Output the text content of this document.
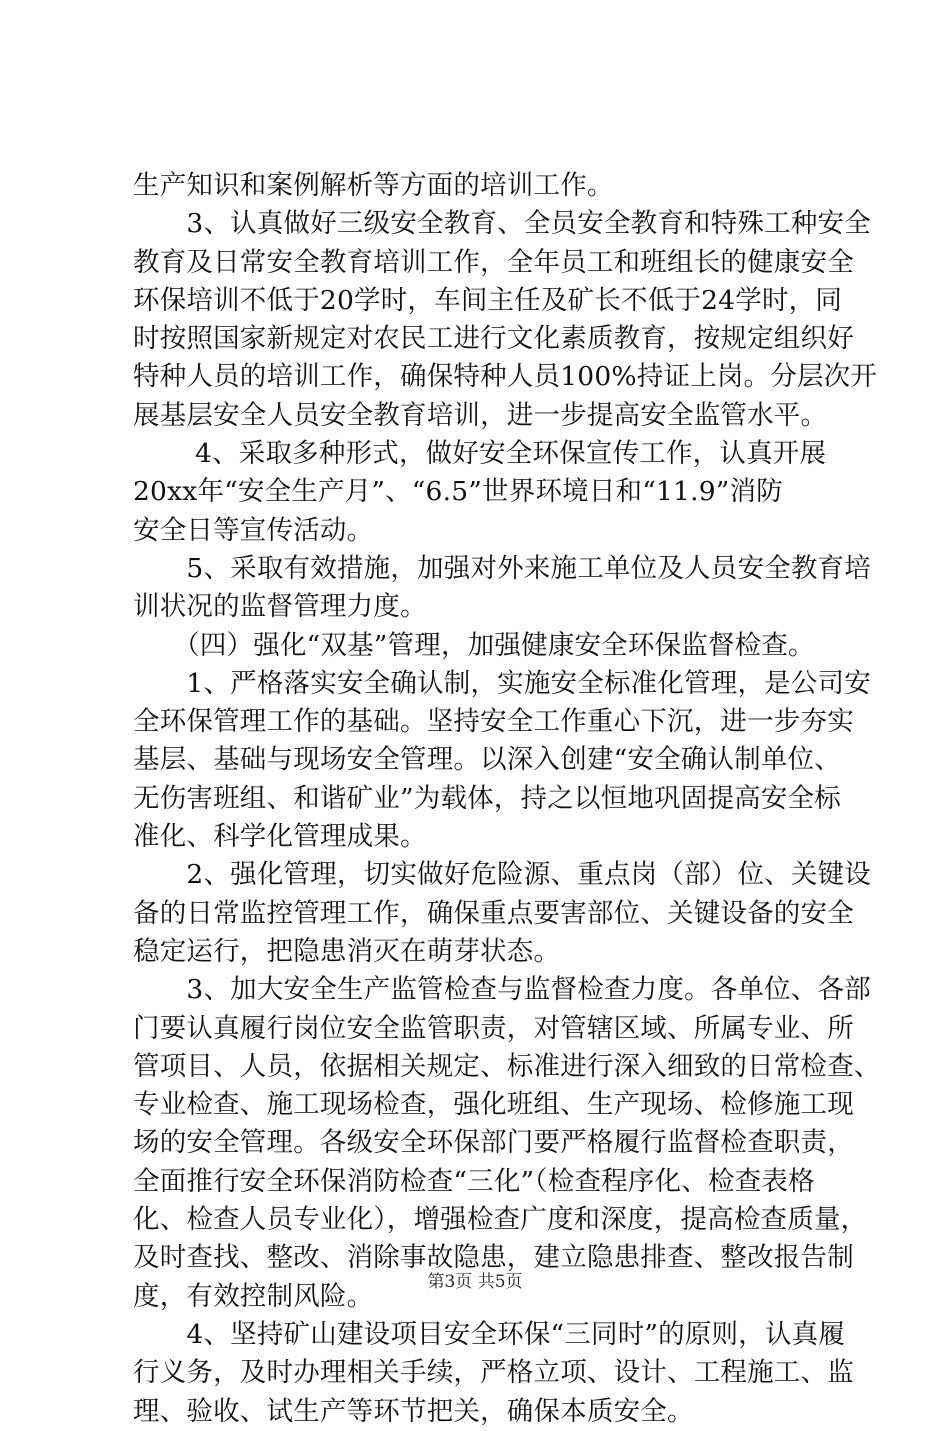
生产知识和案例解析等方面的培训工作。
　　3、认真做好三级安全教育、全员安全教育和特殊工种安全
教育及日常安全教育培训工作，全年员工和班组长的健康安全
环保培训不低于20学时，车间主任及矿长不低于24学时，同
时按照国家新规定对农民工进行文化素质教育，按规定组织好
特种人员的培训工作，确保特种人员100%持证上岗。分层次开
展基层安全人员安全教育培训，进一步提高安全监管水平。
　　 4、采取多种形式，做好安全环保宣传工作，认真开展
20xx年“安全生产月”、“6.5”世界环境日和“11.9”消防
安全日等宣传活动。
　　5、采取有效措施，加强对外来施工单位及人员安全教育培
训状况的监督管理力度。
　　（四）强化“双基”管理，加强健康安全环保监督检查。
　　1、严格落实安全确认制，实施安全标准化管理，是公司安
全环保管理工作的基础。坚持安全工作重心下沉，进一步夯实
基层、基础与现场安全管理。以深入创建“安全确认制单位、
无伤害班组、和谐矿业”为载体，持之以恒地巩固提高安全标
准化、科学化管理成果。
　　2、强化管理，切实做好危险源、重点岗（部）位、关键设
备的日常监控管理工作，确保重点要害部位、关键设备的安全
稳定运行，把隐患消灭在萌芽状态。
　　3、加大安全生产监管检查与监督检查力度。各单位、各部
门要认真履行岗位安全监管职责，对管辖区域、所属专业、所
管项目、人员，依据相关规定、标准进行深入细致的日常检查、
专业检查、施工现场检查，强化班组、生产现场、检修施工现
场的安全管理。各级安全环保部门要严格履行监督检查职责，
全面推行安全环保消防检查“三化”（检查程序化、检查表格
化、检查人员专业化），增强检查广度和深度，提高检查质量，
及时查找、整改、消除事故隐患，建立隐患排查、整改报告制
度，有效控制风险。
　　4、坚持矿山建设项目安全环保“三同时”的原则，认真履
行义务，及时办理相关手续，严格立项、设计、工程施工、监
理、验收、试生产等环节把关，确保本质安全。
第3页 共5页
